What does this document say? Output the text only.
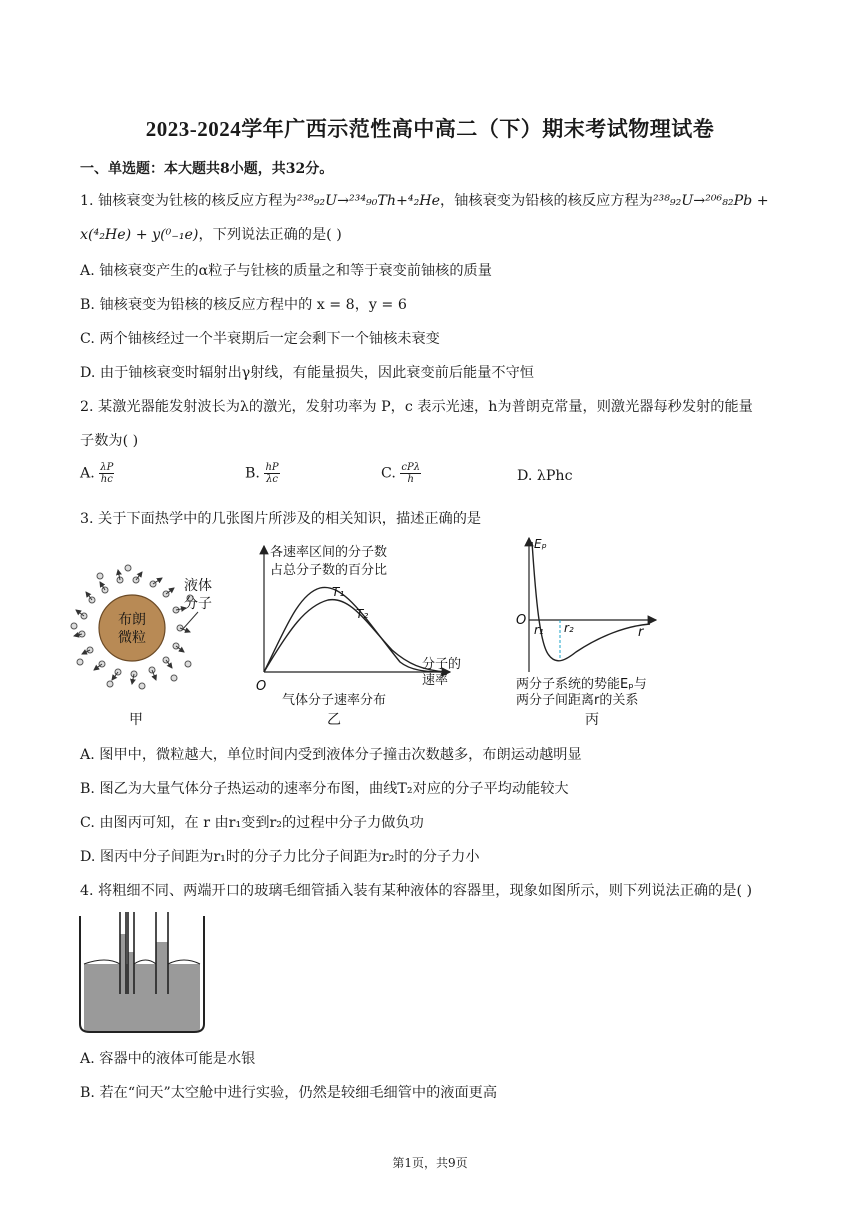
2023-2024学年广西示范性高中高二（下）期末考试物理试卷
一、单选题：本大题共8小题，共32分。
1. 铀核衰变为钍核的核反应方程为²³⁸₉₂U→²³⁴₉₀Th+⁴₂He，铀核衰变为铅核的核反应方程为²³⁸₉₂U→²⁰⁶₈₂Pb +
x(⁴₂He) + y(⁰₋₁e)，下列说法正确的是( )
A. 铀核衰变产生的α粒子与钍核的质量之和等于衰变前铀核的质量
B. 铀核衰变为铅核的核反应方程中的 x = 8，y = 6
C. 两个铀核经过一个半衰期后一定会剩下一个铀核未衰变
D. 由于铀核衰变时辐射出γ射线，有能量损失，因此衰变前后能量不守恒
2. 某激光器能发射波长为λ的激光，发射功率为 P，c 表示光速，h为普朗克常量，则激光器每秒发射的能量
子数为( )
A. $\frac{\lambda P}{hc}$	B. $\frac{hP}{\lambda c}$	C. cPλ
h	D. λPhc
3. 关于下面热学中的几张图片所涉及的相关知识，描述正确的是
布朗
微粒
液体
分子
甲
各速率区间的分子数
占总分子数的百分比
O
T₁
T₂
分子的
速率
气体分子速率分布
乙
Eₚ
O
r₁ r₂	r
两分子系统的势能Eₚ与
两分子间距离r的关系
丙
A. 图甲中，微粒越大，单位时间内受到液体分子撞击次数越多，布朗运动越明显
B. 图乙为大量气体分子热运动的速率分布图，曲线T₂对应的分子平均动能较大
C. 由图丙可知，在 r 由r₁变到r₂的过程中分子力做负功
D. 图丙中分子间距为r₁时的分子力比分子间距为r₂时的分子力小
4. 将粗细不同、两端开口的玻璃毛细管插入装有某种液体的容器里，现象如图所示，则下列说法正确的是( )
A. 容器中的液体可能是水银
B. 若在“问天”太空舱中进行实验，仍然是较细毛细管中的液面更高
第1页，共9页
